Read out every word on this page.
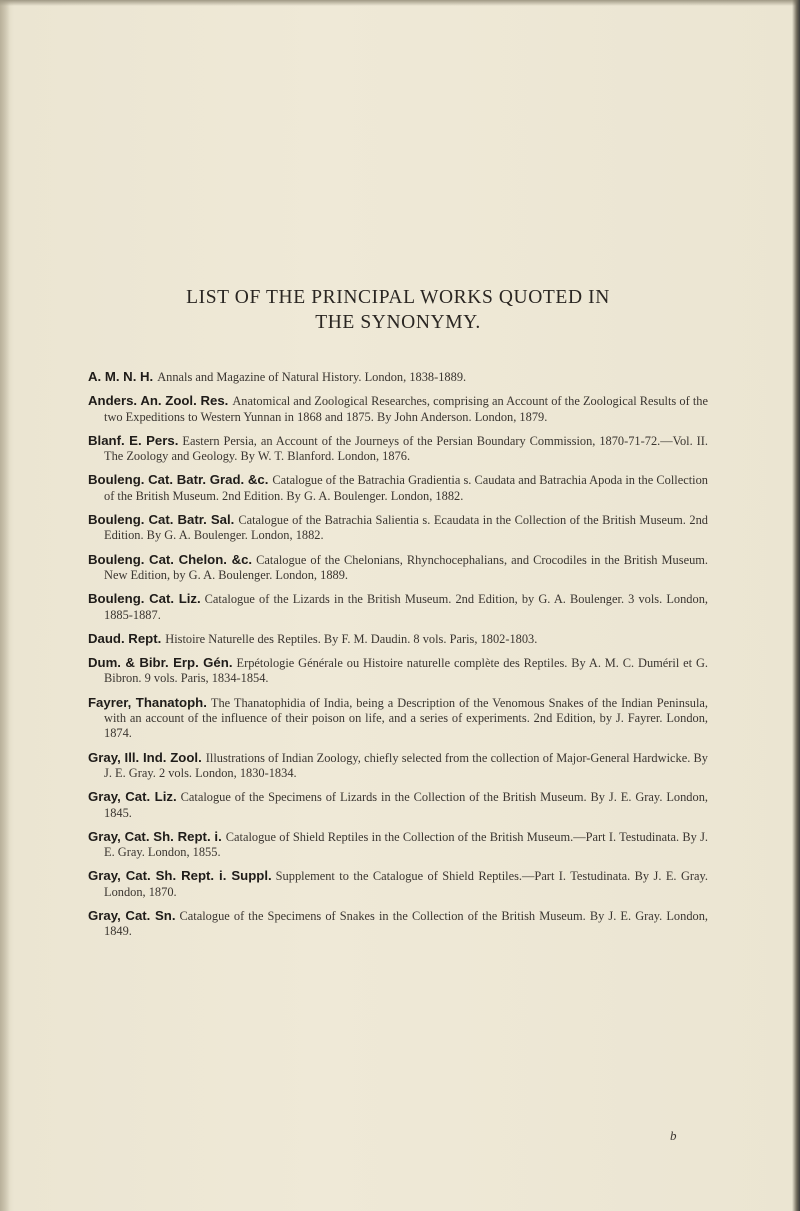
LIST OF THE PRINCIPAL WORKS QUOTED IN
THE SYNONYMY.

A. M. N. H. Annals and Magazine of Natural History. London, 1838-1889.

Anders. An. Zool. Res. Anatomical and Zoological Researches, comprising an Account of the Zoological Results of the two Expeditions to Western Yunnan in 1868 and 1875. By John Anderson. London, 1879.

Blanf. E. Pers. Eastern Persia, an Account of the Journeys of the Persian Boundary Commission, 1870-71-72.—Vol. II. The Zoology and Geology. By W. T. Blanford. London, 1876.

Bouleng. Cat. Batr. Grad. &c. Catalogue of the Batrachia Gradientia s. Caudata and Batrachia Apoda in the Collection of the British Museum. 2nd Edition. By G. A. Boulenger. London, 1882.

Bouleng. Cat. Batr. Sal. Catalogue of the Batrachia Salientia s. Ecaudata in the Collection of the British Museum. 2nd Edition. By G. A. Boulenger. London, 1882.

Bouleng. Cat. Chelon. &c. Catalogue of the Chelonians, Rhynchocephalians, and Crocodiles in the British Museum. New Edition, by G. A. Boulenger. London, 1889.

Bouleng. Cat. Liz. Catalogue of the Lizards in the British Museum. 2nd Edition, by G. A. Boulenger. 3 vols. London, 1885-1887.

Daud. Rept. Histoire Naturelle des Reptiles. By F. M. Daudin. 8 vols. Paris, 1802-1803.

Dum. & Bibr. Erp. Gén. Erpétologie Générale ou Histoire naturelle complète des Reptiles. By A. M. C. Duméril et G. Bibron. 9 vols. Paris, 1834-1854.

Fayrer, Thanatoph. The Thanatophidia of India, being a Description of the Venomous Snakes of the Indian Peninsula, with an account of the influence of their poison on life, and a series of experiments. 2nd Edition, by J. Fayrer. London, 1874.

Gray, Ill. Ind. Zool. Illustrations of Indian Zoology, chiefly selected from the collection of Major-General Hardwicke. By J. E. Gray. 2 vols. London, 1830-1834.

Gray, Cat. Liz. Catalogue of the Specimens of Lizards in the Collection of the British Museum. By J. E. Gray. London, 1845.

Gray, Cat. Sh. Rept. i. Catalogue of Shield Reptiles in the Collection of the British Museum.—Part I. Testudinata. By J. E. Gray. London, 1855.

Gray, Cat. Sh. Rept. i. Suppl. Supplement to the Catalogue of Shield Reptiles.—Part I. Testudinata. By J. E. Gray. London, 1870.

Gray, Cat. Sn. Catalogue of the Specimens of Snakes in the Collection of the British Museum. By J. E. Gray. London, 1849.

b
